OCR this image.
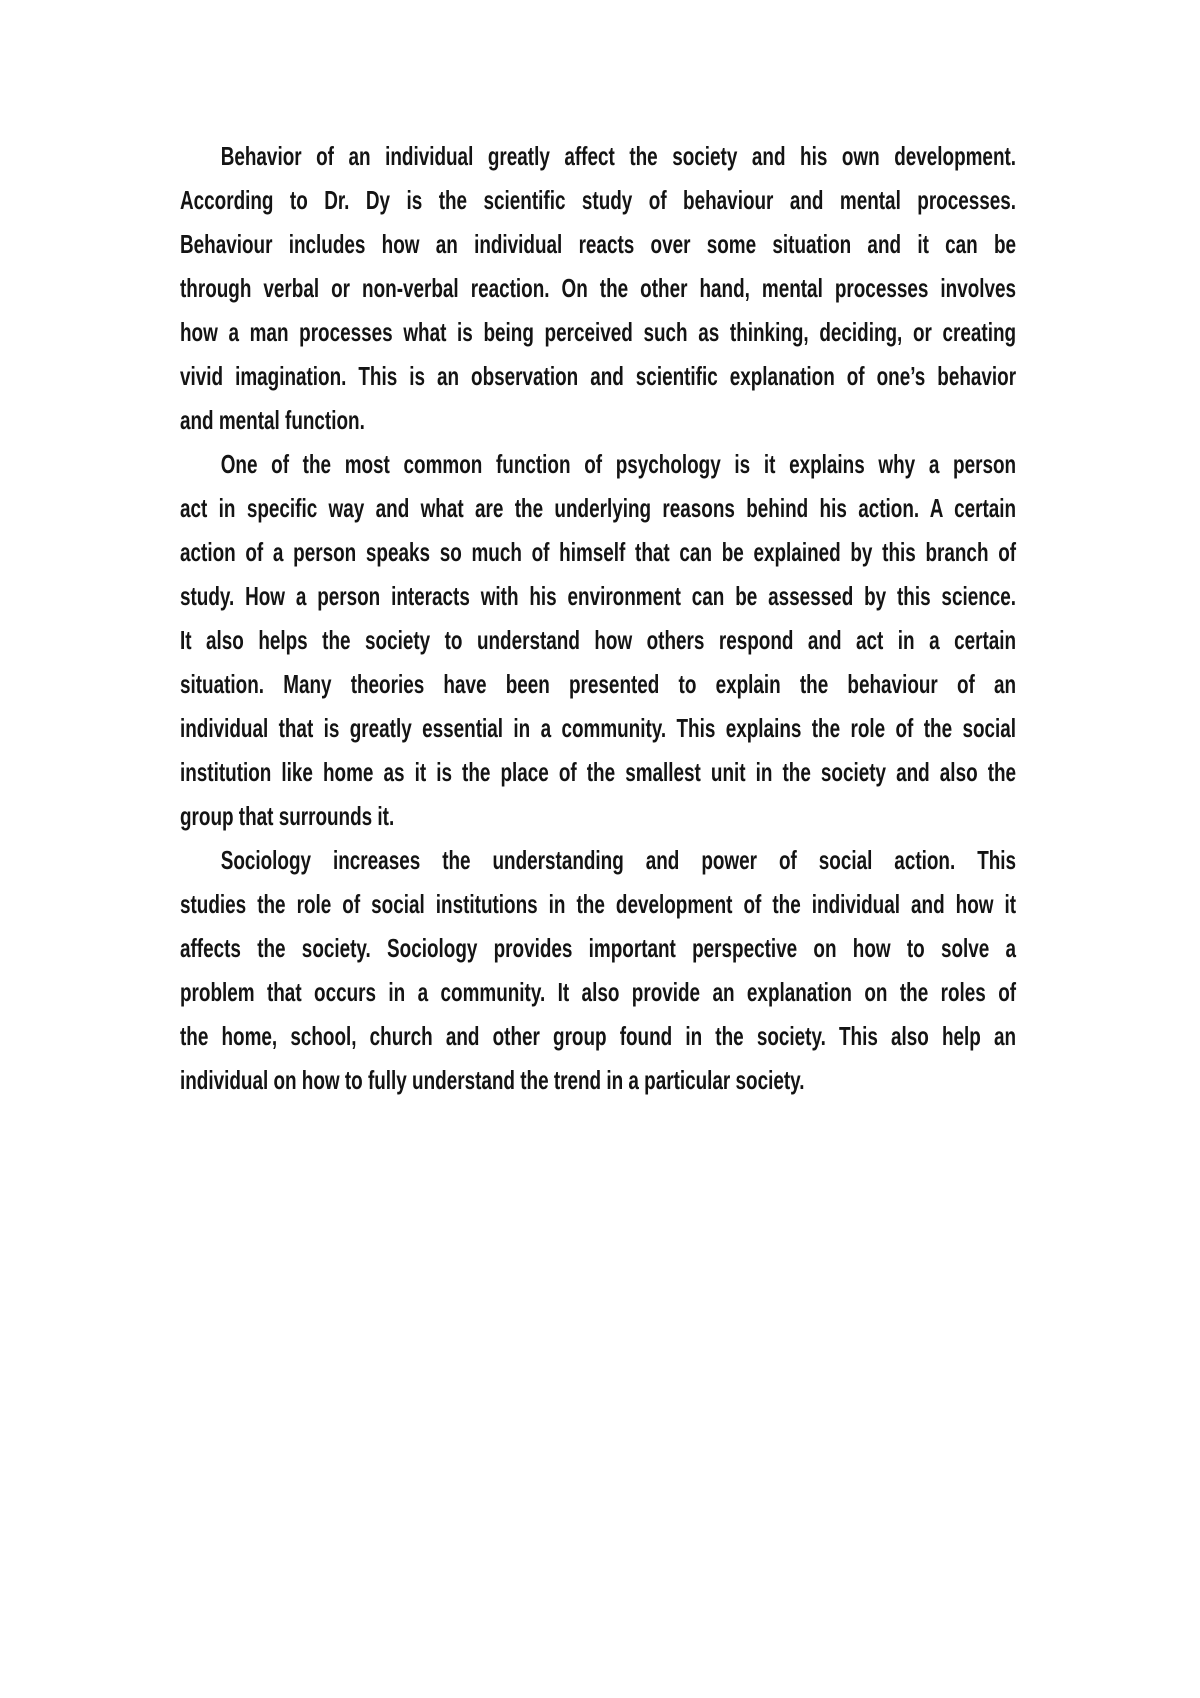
Behavior of an individual greatly affect the society and his own development.
According to Dr. Dy is the scientific study of behaviour and mental processes.
Behaviour includes how an individual reacts over some situation and it can be
through verbal or non-verbal reaction. On the other hand, mental processes involves
how a man processes what is being perceived such as thinking, deciding, or creating
vivid imagination. This is an observation and scientific explanation of one’s behavior
and mental function.
One of the most common function of psychology is it explains why a person
act in specific way and what are the underlying reasons behind his action. A certain
action of a person speaks so much of himself that can be explained by this branch of
study. How a person interacts with his environment can be assessed by this science.
It also helps the society to understand how others respond and act in a certain
situation. Many theories have been presented to explain the behaviour of an
individual that is greatly essential in a community. This explains the role of the social
institution like home as it is the place of the smallest unit in the society and also the
group that surrounds it.
Sociology increases the understanding and power of social action. This
studies the role of social institutions in the development of the individual and how it
affects the society. Sociology provides important perspective on how to solve a
problem that occurs in a community. It also provide an explanation on the roles of
the home, school, church and other group found in the society. This also help an
individual on how to fully understand the trend in a particular society.
